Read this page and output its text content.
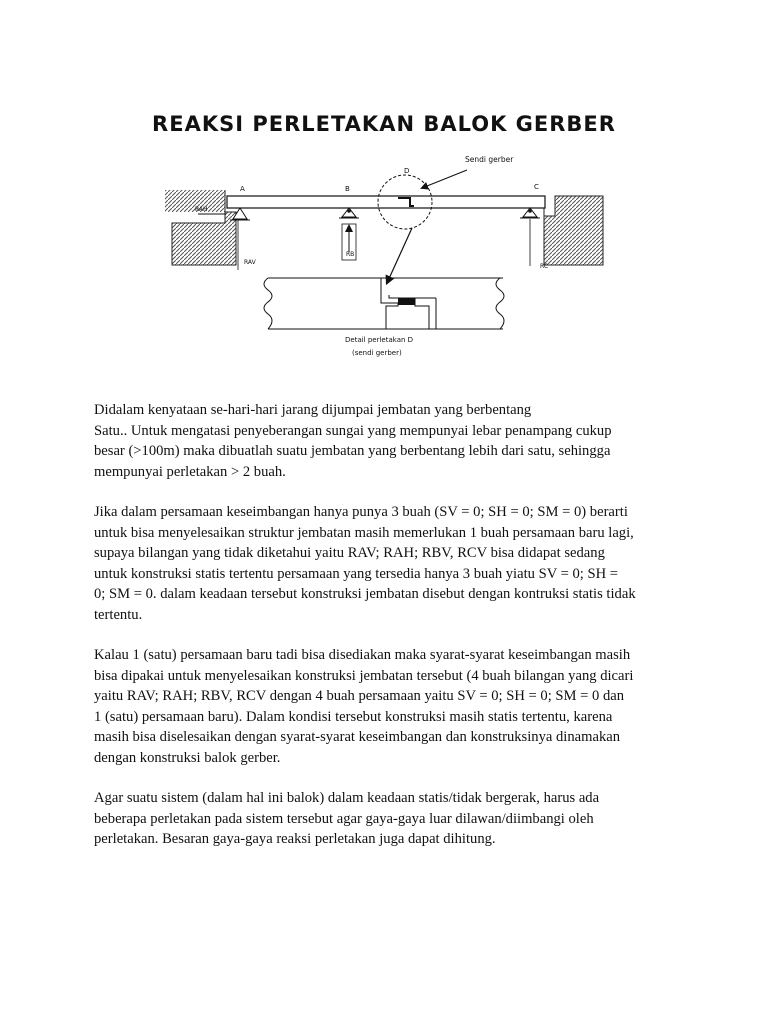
REAKSI PERLETAKAN BALOK GERBER
Sendi gerber
D
A	B	C
RAH
RAV
RB
RC
Detail perletakan D
(sendi gerber)

Didalam kenyataan se-hari-hari jarang dijumpai jembatan yang berbentang
Satu.. Untuk mengatasi penyeberangan sungai yang mempunyai lebar penampang cukup
besar (>100m) maka dibuatlah suatu jembatan yang berbentang lebih dari satu, sehingga
mempunyai perletakan > 2 buah.

Jika dalam persamaan keseimbangan hanya punya 3 buah (SV = 0; SH = 0; SM = 0) berarti
untuk bisa menyelesaikan struktur jembatan masih memerlukan 1 buah persamaan baru lagi,
supaya bilangan yang tidak diketahui yaitu RAV; RAH; RBV, RCV bisa didapat sedang
untuk konstruksi statis tertentu persamaan yang tersedia hanya 3 buah yiatu SV = 0; SH =
0; SM = 0. dalam keadaan tersebut konstruksi jembatan disebut dengan kontruksi statis tidak
tertentu.

Kalau 1 (satu) persamaan baru tadi bisa disediakan maka syarat-syarat keseimbangan masih
bisa dipakai untuk menyelesaikan konstruksi jembatan tersebut (4 buah bilangan yang dicari
yaitu RAV; RAH; RBV, RCV dengan 4 buah persamaan yaitu SV = 0; SH = 0; SM = 0 dan
1 (satu) persamaan baru). Dalam kondisi tersebut konstruksi masih statis tertentu, karena
masih bisa diselesaikan dengan syarat-syarat keseimbangan dan konstruksinya dinamakan
dengan konstruksi balok gerber.

Agar suatu sistem (dalam hal ini balok) dalam keadaan statis/tidak bergerak, harus ada
beberapa perletakan pada sistem tersebut agar gaya-gaya luar dilawan/diimbangi oleh
perletakan. Besaran gaya-gaya reaksi perletakan juga dapat dihitung.
